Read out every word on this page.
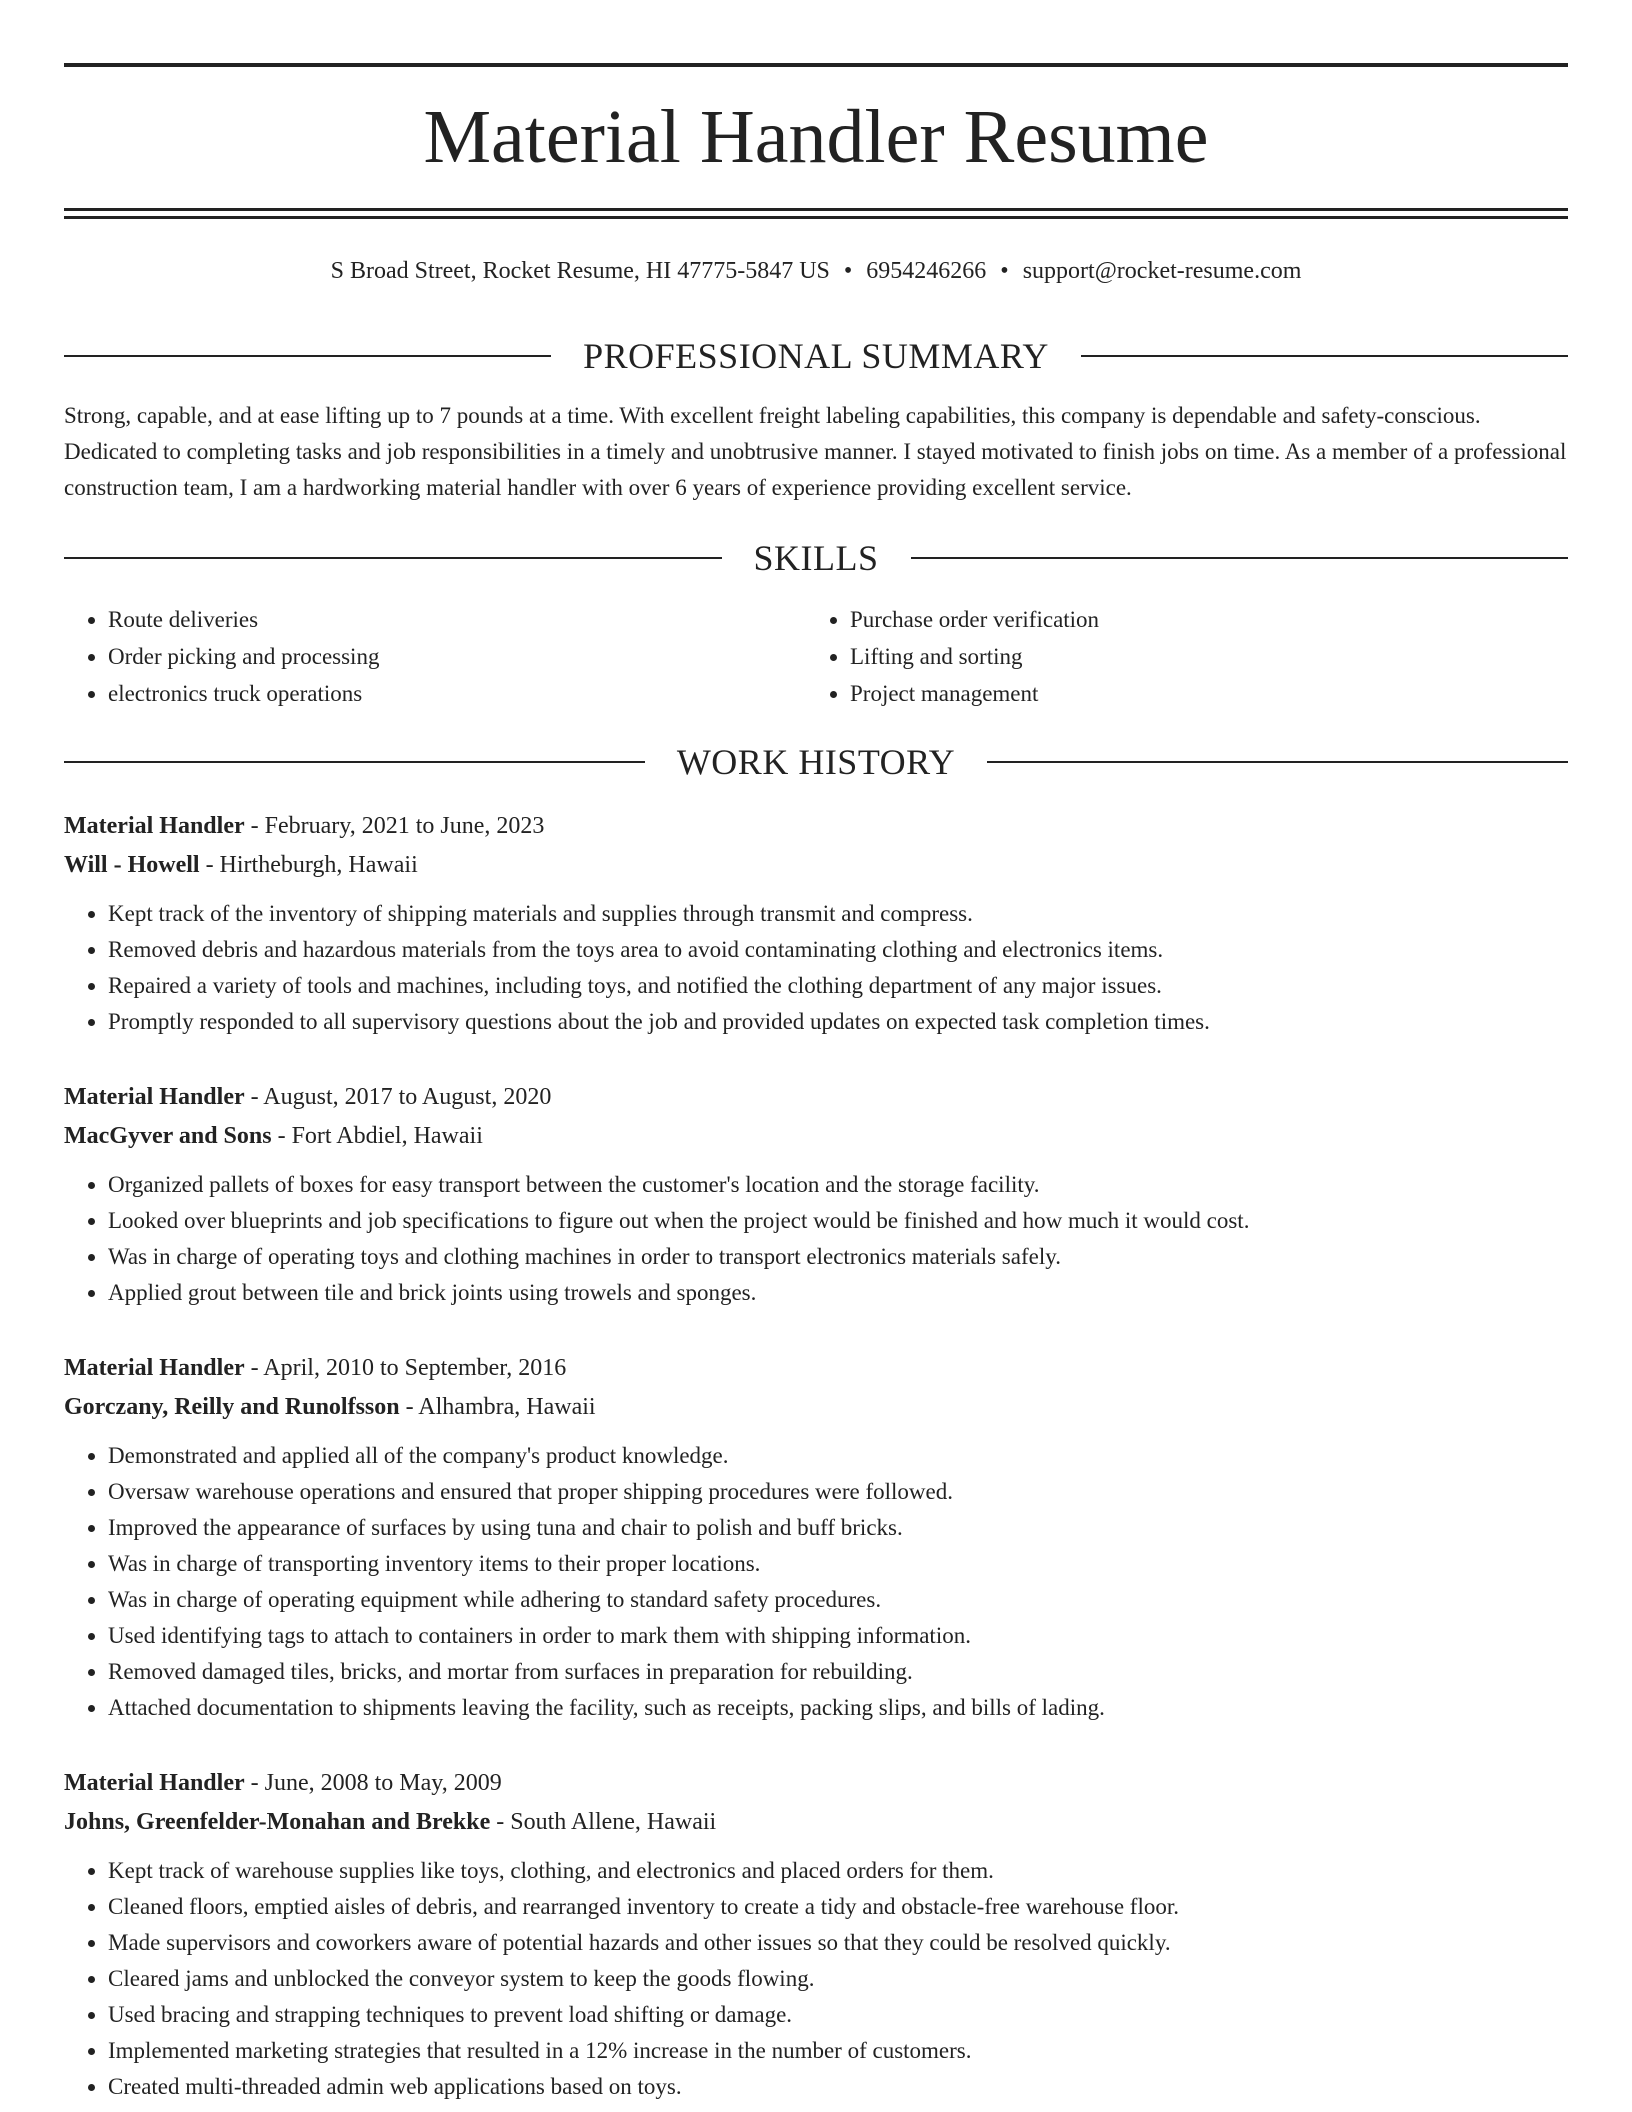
Material Handler Resume
S Broad Street, Rocket Resume, HI 47775-5847 US • 6954246266 • support@rocket-resume.com
PROFESSIONAL SUMMARY
Strong, capable, and at ease lifting up to 7 pounds at a time. With excellent freight labeling capabilities, this company is dependable and safety-conscious. Dedicated to completing tasks and job responsibilities in a timely and unobtrusive manner. I stayed motivated to finish jobs on time. As a member of a professional construction team, I am a hardworking material handler with over 6 years of experience providing excellent service.
SKILLS
• Route deliveries
• Order picking and processing
• electronics truck operations
• Purchase order verification
• Lifting and sorting
• Project management
WORK HISTORY
Material Handler - February, 2021 to June, 2023
Will - Howell - Hirtheburgh, Hawaii
• Kept track of the inventory of shipping materials and supplies through transmit and compress.
• Removed debris and hazardous materials from the toys area to avoid contaminating clothing and electronics items.
• Repaired a variety of tools and machines, including toys, and notified the clothing department of any major issues.
• Promptly responded to all supervisory questions about the job and provided updates on expected task completion times.
Material Handler - August, 2017 to August, 2020
MacGyver and Sons - Fort Abdiel, Hawaii
• Organized pallets of boxes for easy transport between the customer's location and the storage facility.
• Looked over blueprints and job specifications to figure out when the project would be finished and how much it would cost.
• Was in charge of operating toys and clothing machines in order to transport electronics materials safely.
• Applied grout between tile and brick joints using trowels and sponges.
Material Handler - April, 2010 to September, 2016
Gorczany, Reilly and Runolfsson - Alhambra, Hawaii
• Demonstrated and applied all of the company's product knowledge.
• Oversaw warehouse operations and ensured that proper shipping procedures were followed.
• Improved the appearance of surfaces by using tuna and chair to polish and buff bricks.
• Was in charge of transporting inventory items to their proper locations.
• Was in charge of operating equipment while adhering to standard safety procedures.
• Used identifying tags to attach to containers in order to mark them with shipping information.
• Removed damaged tiles, bricks, and mortar from surfaces in preparation for rebuilding.
• Attached documentation to shipments leaving the facility, such as receipts, packing slips, and bills of lading.
Material Handler - June, 2008 to May, 2009
Johns, Greenfelder-Monahan and Brekke - South Allene, Hawaii
• Kept track of warehouse supplies like toys, clothing, and electronics and placed orders for them.
• Cleaned floors, emptied aisles of debris, and rearranged inventory to create a tidy and obstacle-free warehouse floor.
• Made supervisors and coworkers aware of potential hazards and other issues so that they could be resolved quickly.
• Cleared jams and unblocked the conveyor system to keep the goods flowing.
• Used bracing and strapping techniques to prevent load shifting or damage.
• Implemented marketing strategies that resulted in a 12% increase in the number of customers.
• Created multi-threaded admin web applications based on toys.
